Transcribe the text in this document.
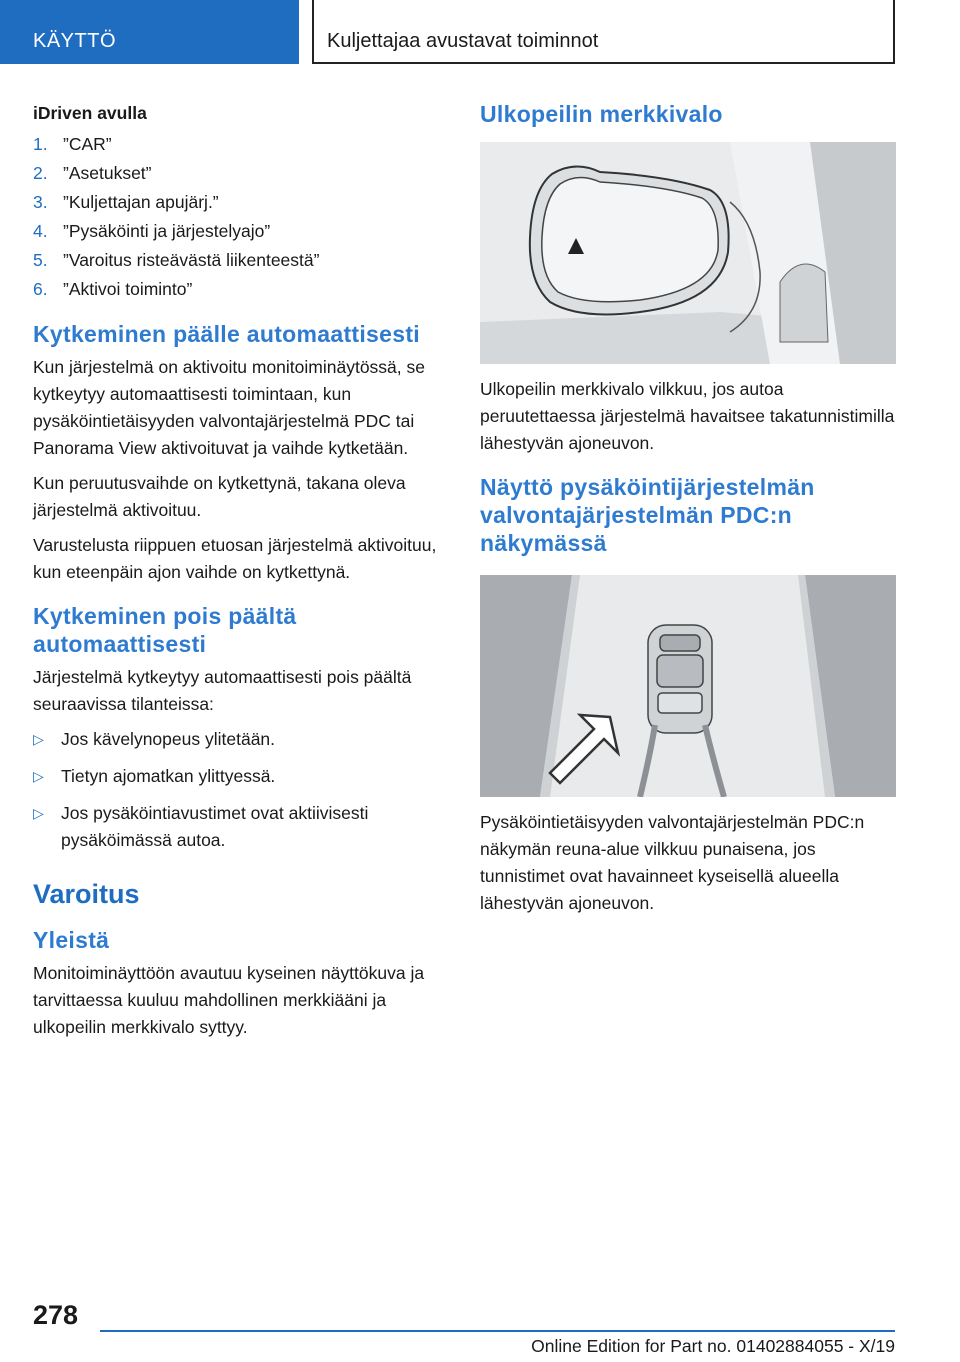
KÄYTTÖ	Kuljettajaa avustavat toiminnot
iDriven avulla
1. ”CAR”
2. ”Asetukset”
3. ”Kuljettajan apujärj.”
4. ”Pysäköinti ja järjestelyajo”
5. ”Varoitus risteävästä liikenteestä”
6. ”Aktivoi toiminto”
Kytkeminen päälle automaattisesti

Kun järjestelmä on aktivoitu monitoiminäytössä, se kytkeytyy automaattisesti toimintaan, kun pysäköintietäisyyden valvontajärjestelmä PDC tai Panorama View aktivoituvat ja vaihde kytketään.

Kun peruutusvaihde on kytkettynä, takana oleva järjestelmä aktivoituu.

Varustelusta riippuen etuosan järjestelmä aktivoituu, kun eteenpäin ajon vaihde on kytkettynä.

Kytkeminen pois päältä automaattisesti

Järjestelmä kytkeytyy automaattisesti pois päältä seuraavissa tilanteissa:

▷ Jos kävelynopeus ylitetään.
▷ Tietyn ajomatkan ylittyessä.
▷ Jos pysäköintiavustimet ovat aktiivisesti pysäköimässä autoa.
Varoitus
Yleistä

Monitoiminäyttöön avautuu kyseinen näyttökuva ja tarvittaessa kuuluu mahdollinen merkkiääni ja ulkopeilin merkkivalo syttyy.

Ulkopeilin merkkivalo

Ulkopeilin merkkivalo vilkkuu, jos autoa peruutettaessa järjestelmä havaitsee takatunnistimilla lähestyvän ajoneuvon.

Näyttö pysäköintijärjestelmän valvontajärjestelmän PDC:n näkymässä

Pysäköintietäisyyden valvontajärjestelmän PDC:n näkymän reuna-alue vilkkuu punaisena, jos tunnistimet ovat havainneet kyseisellä alueella lähestyvän ajoneuvon.

278
Online Edition for Part no. 01402884055 - X/19
